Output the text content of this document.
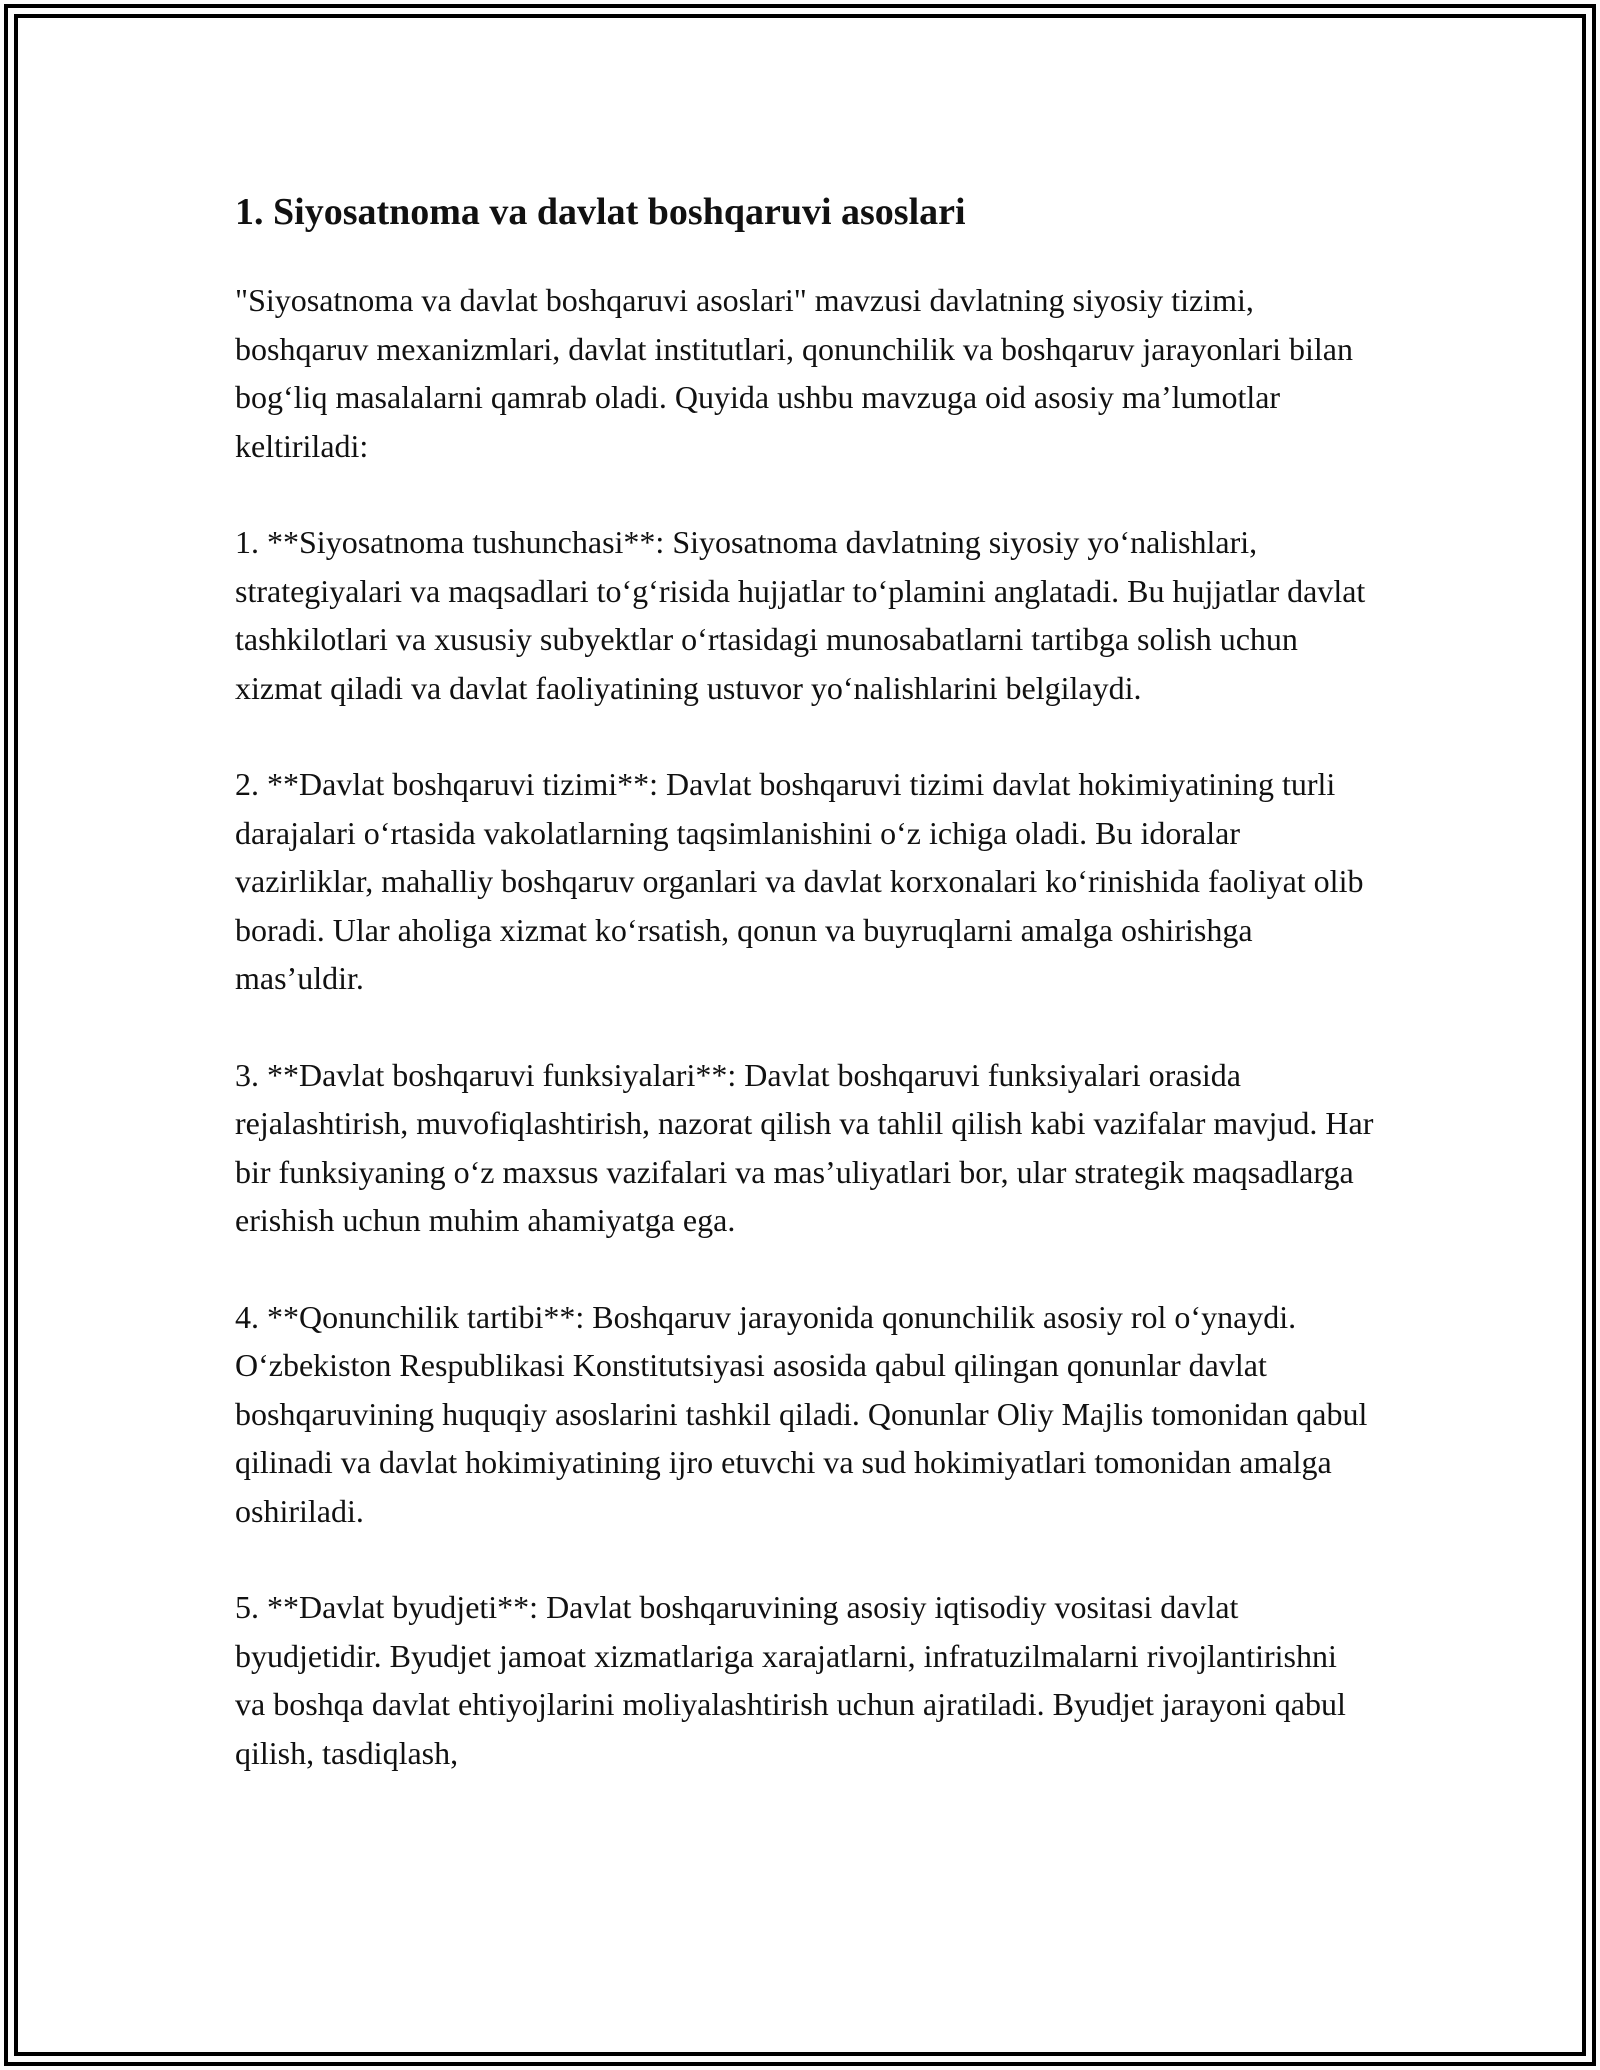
1. Siyosatnoma va davlat boshqaruvi asoslari

"Siyosatnoma va davlat boshqaruvi asoslari" mavzusi davlatning siyosiy tizimi, boshqaruv mexanizmlari, davlat institutlari, qonunchilik va boshqaruv jarayonlari bilan bog‘liq masalalarni qamrab oladi. Quyida ushbu mavzuga oid asosiy ma’lumotlar keltiriladi:

1. **Siyosatnoma tushunchasi**: Siyosatnoma davlatning siyosiy yo‘nalishlari, strategiyalari va maqsadlari to‘g‘risida hujjatlar to‘plamini anglatadi. Bu hujjatlar davlat tashkilotlari va xususiy subyektlar o‘rtasidagi munosabatlarni tartibga solish uchun xizmat qiladi va davlat faoliyatining ustuvor yo‘nalishlarini belgilaydi.

2. **Davlat boshqaruvi tizimi**: Davlat boshqaruvi tizimi davlat hokimiyatining turli darajalari o‘rtasida vakolatlarning taqsimlanishini o‘z ichiga oladi. Bu idoralar vazirliklar, mahalliy boshqaruv organlari va davlat korxonalari ko‘rinishida faoliyat olib boradi. Ular aholiga xizmat ko‘rsatish, qonun va buyruqlarni amalga oshirishga mas’uldir.

3. **Davlat boshqaruvi funksiyalari**: Davlat boshqaruvi funksiyalari orasida rejalashtirish, muvofiqlashtirish, nazorat qilish va tahlil qilish kabi vazifalar mavjud. Har bir funksiyaning o‘z maxsus vazifalari va mas’uliyatlari bor, ular strategik maqsadlarga erishish uchun muhim ahamiyatga ega.

4. **Qonunchilik tartibi**: Boshqaruv jarayonida qonunchilik asosiy rol o‘ynaydi. O‘zbekiston Respublikasi Konstitutsiyasi asosida qabul qilingan qonunlar davlat boshqaruvining huquqiy asoslarini tashkil qiladi. Qonunlar Oliy Majlis tomonidan qabul qilinadi va davlat hokimiyatining ijro etuvchi va sud hokimiyatlari tomonidan amalga oshiriladi.

5. **Davlat byudjeti**: Davlat boshqaruvining asosiy iqtisodiy vositasi davlat byudjetidir. Byudjet jamoat xizmatlariga xarajatlarni, infratuzilmalarni rivojlantirishni va boshqa davlat ehtiyojlarini moliyalashtirish uchun ajratiladi. Byudjet jarayoni qabul qilish, tasdiqlash,
